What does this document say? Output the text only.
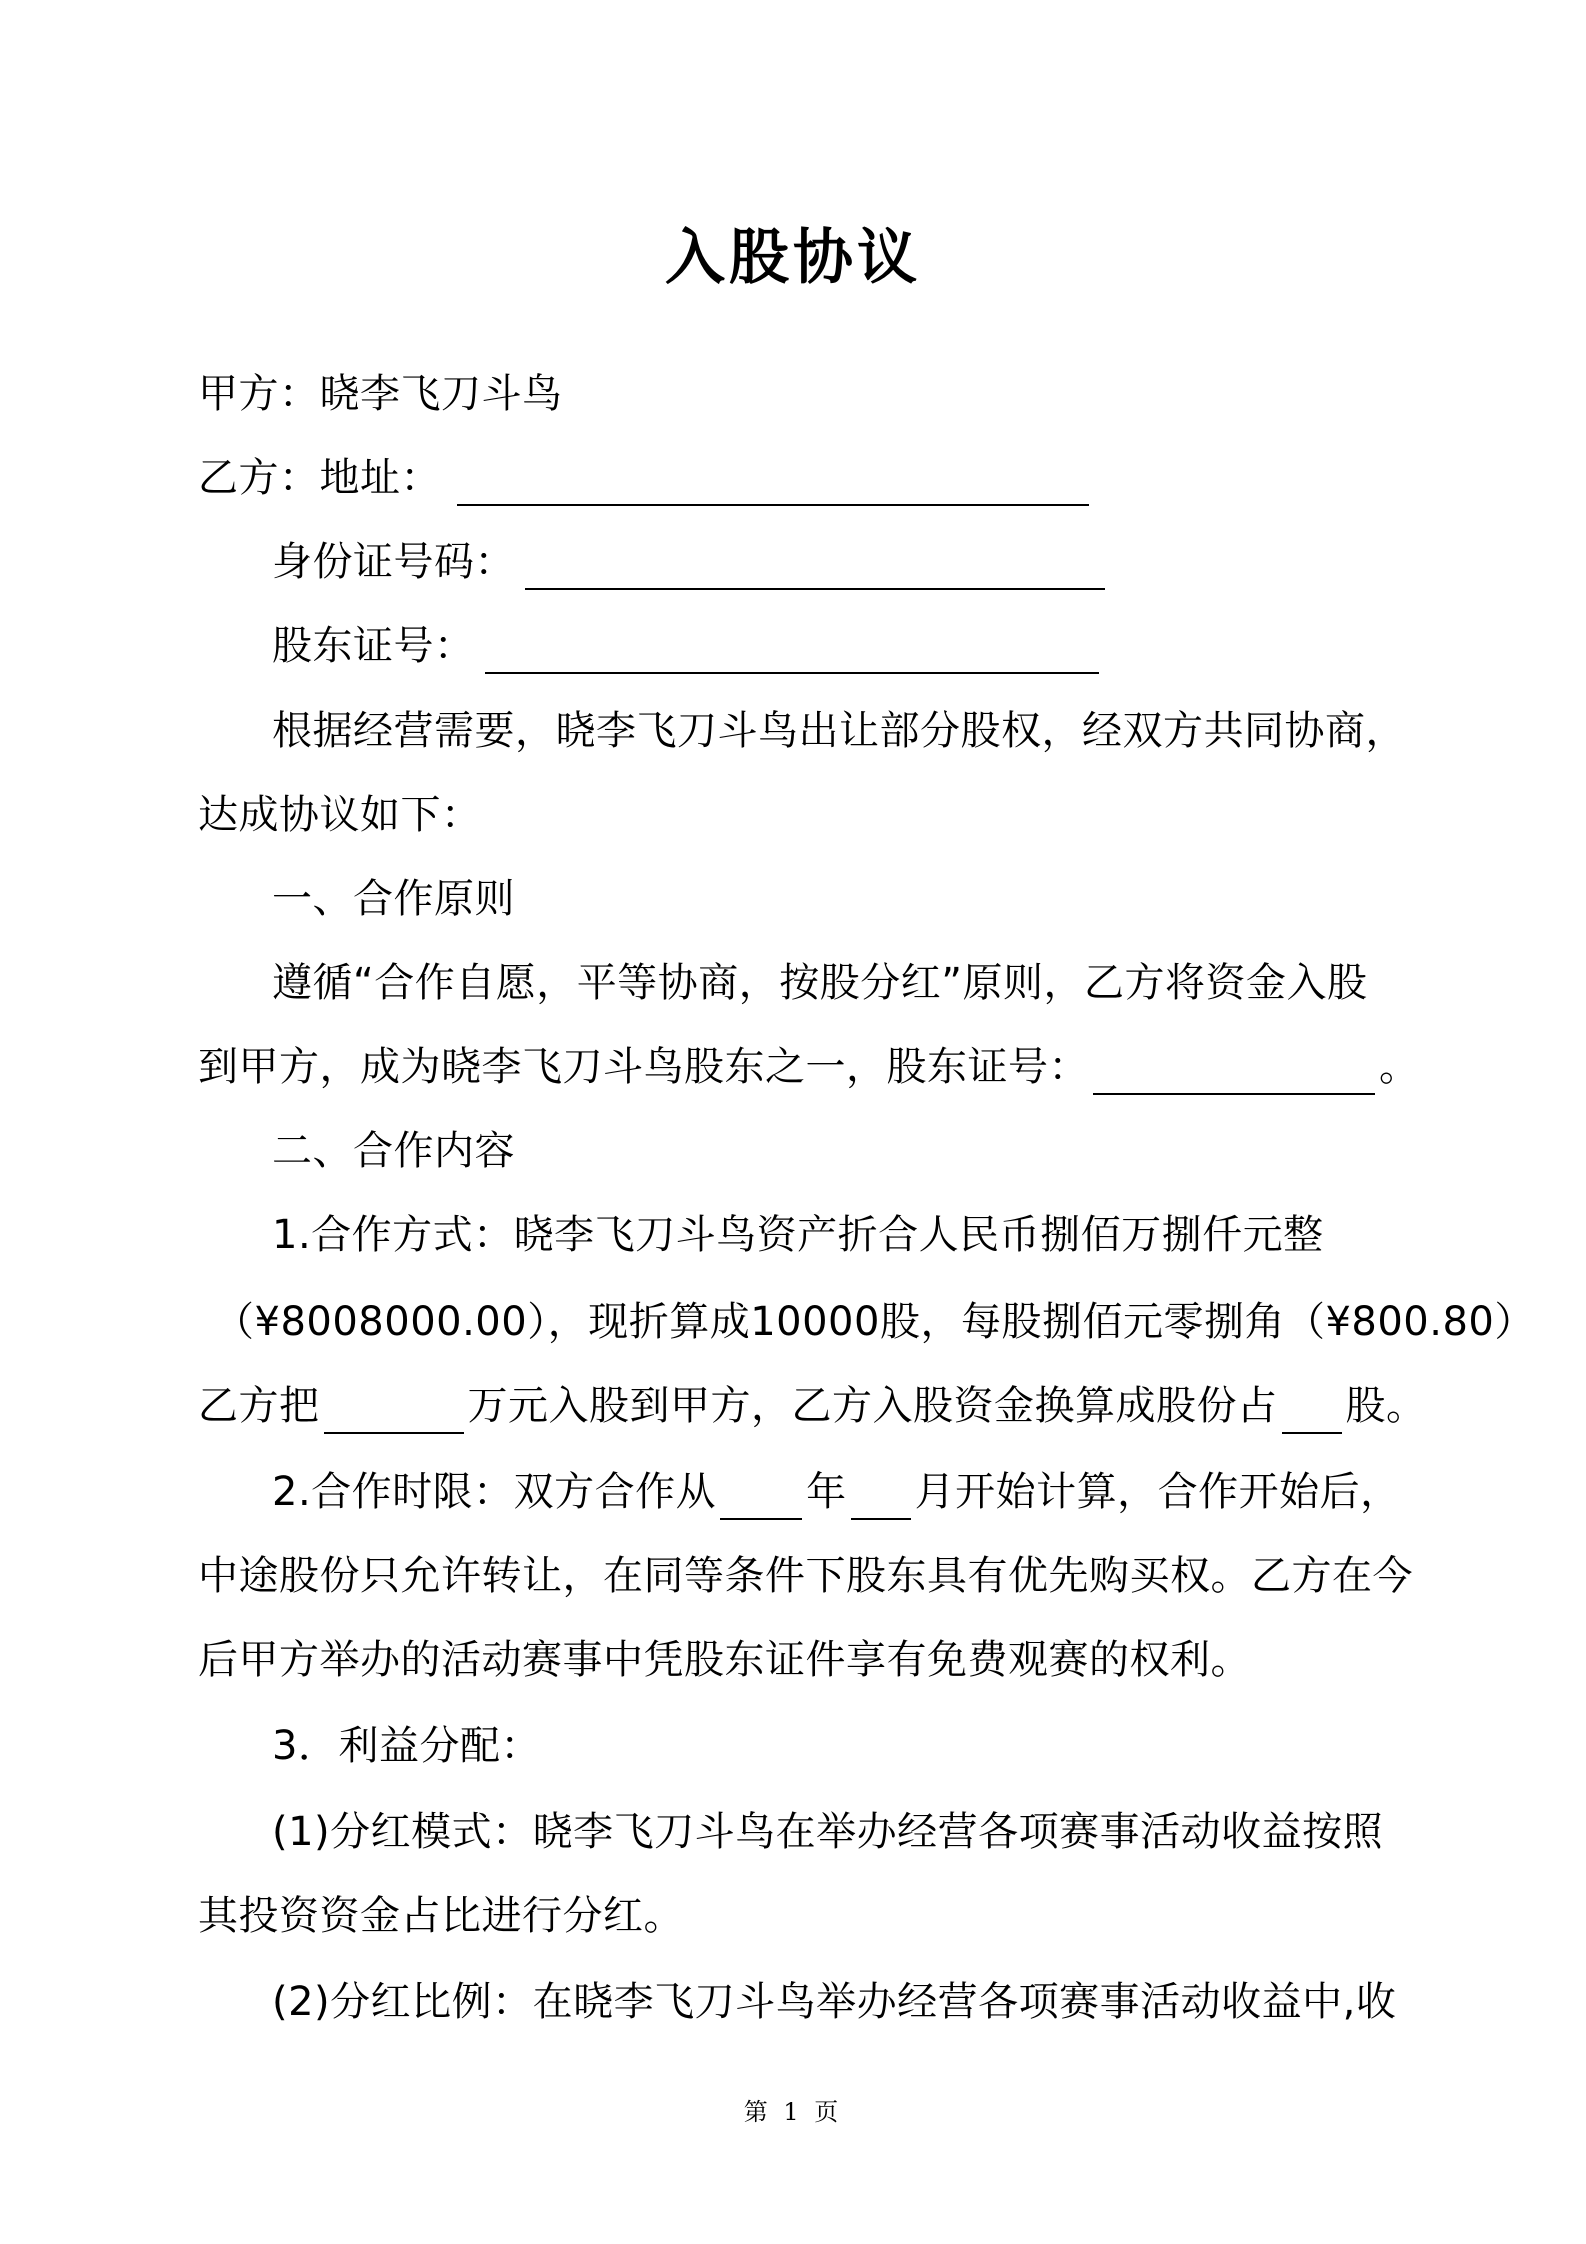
入股协议
甲方：晓李飞刀斗鸟
乙方：地址：
身份证号码：
股东证号：
根据经营需要，晓李飞刀斗鸟出让部分股权，经双方共同协商，
达成协议如下：
一、合作原则
遵循“合作自愿，平等协商，按股分红”原则，乙方将资金入股
到甲方，成为晓李飞刀斗鸟股东之一，股东证号：	。
二、合作内容
1.合作方式：晓李飞刀斗鸟资产折合人民币捌佰万捌仟元整
（¥8008000.00），现折算成10000股，每股捌佰元零捌角（¥800.80）
乙方把	万元入股到甲方，乙方入股资金换算成股份占 股。
2.合作时限：双方合作从 年 月开始计算，合作开始后，
中途股份只允许转让，在同等条件下股东具有优先购买权。乙方在今
后甲方举办的活动赛事中凭股东证件享有免费观赛的权利。
3．利益分配：
(1)分红模式：晓李飞刀斗鸟在举办经营各项赛事活动收益按照
其投资资金占比进行分红。
(2)分红比例：在晓李飞刀斗鸟举办经营各项赛事活动收益中,收
第 1 页
